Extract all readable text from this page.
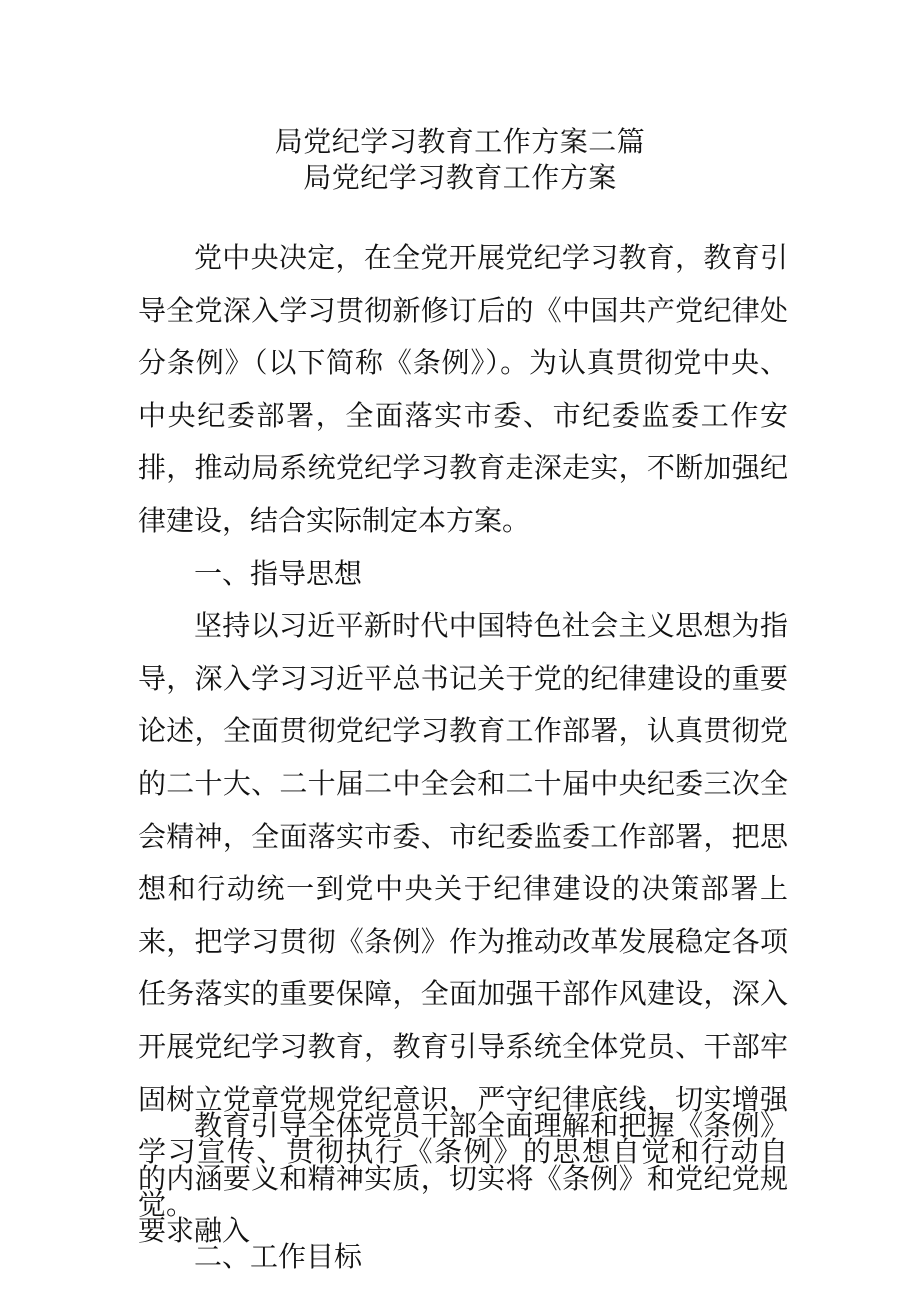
局党纪学习教育工作方案二篇
局党纪学习教育工作方案

党中央决定，在全党开展党纪学习教育，教育引导全党深入学习贯彻新修订后的《中国共产党纪律处分条例》（以下简称《条例》）。为认真贯彻党中央、中央纪委部署，全面落实市委、市纪委监委工作安排，推动局系统党纪学习教育走深走实，不断加强纪律建设，结合实际制定本方案。

一、指导思想

坚持以习近平新时代中国特色社会主义思想为指导，深入学习习近平总书记关于党的纪律建设的重要论述，全面贯彻党纪学习教育工作部署，认真贯彻党的二十大、二十届二中全会和二十届中央纪委三次全会精神，全面落实市委、市纪委监委工作部署，把思想和行动统一到党中央关于纪律建设的决策部署上来，把学习贯彻《条例》作为推动改革发展稳定各项任务落实的重要保障，全面加强干部作风建设，深入开展党纪学习教育，教育引导系统全体党员、干部牢固树立党章党规党纪意识，严守纪律底线，切实增强学习宣传、贯彻执行《条例》的思想自觉和行动自觉。

二、工作目标

教育引导全体党员干部全面理解和把握《条例》的内涵要义和精神实质，切实将《条例》和党纪党规要求融入
